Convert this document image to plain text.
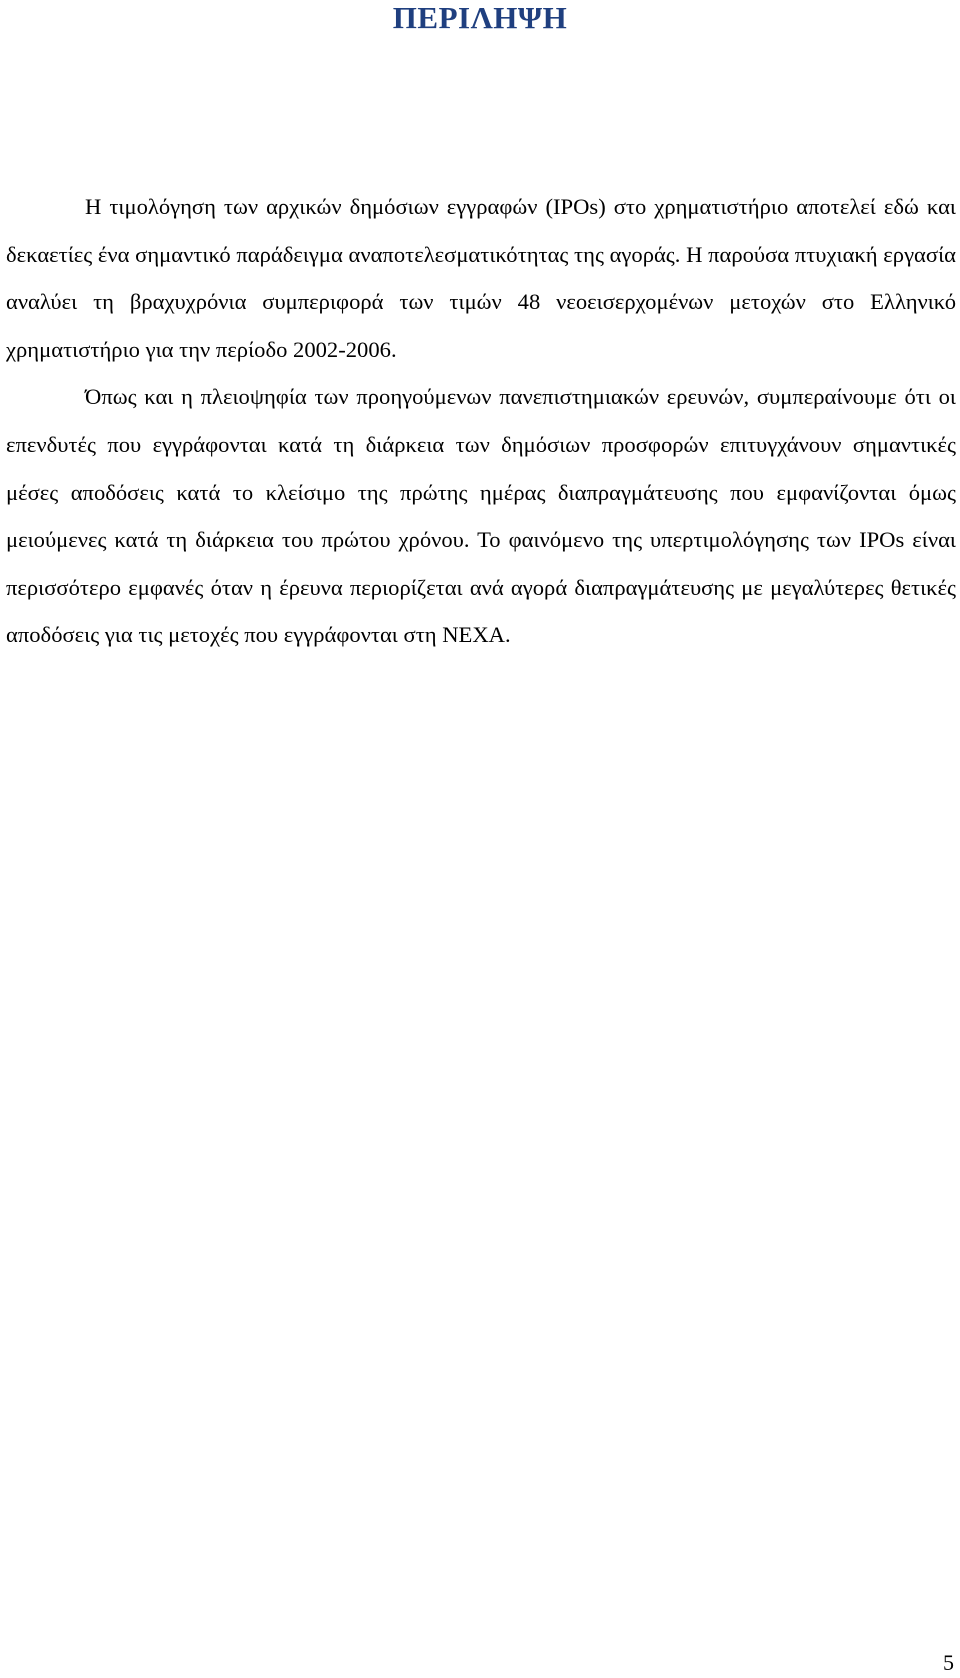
ΠΕΡΙΛΗΨΗ

Η τιμολόγηση των αρχικών δημόσιων εγγραφών (IPOs) στο χρηματιστήριο αποτελεί εδώ και δεκαετίες ένα σημαντικό παράδειγμα αναποτελεσματικότητας της αγοράς. Η παρούσα πτυχιακή εργασία αναλύει τη βραχυχρόνια συμπεριφορά των τιμών 48 νεοεισερχομένων μετοχών στο Ελληνικό χρηματιστήριο για την περίοδο 2002-2006.

Όπως και η πλειοψηφία των προηγούμενων πανεπιστημιακών ερευνών, συμπεραίνουμε ότι οι επενδυτές που εγγράφονται κατά τη διάρκεια των δημόσιων προσφορών επιτυγχάνουν σημαντικές μέσες αποδόσεις κατά το κλείσιμο της πρώτης ημέρας διαπραγμάτευσης που εμφανίζονται όμως μειούμενες κατά τη διάρκεια του πρώτου χρόνου. Το φαινόμενο της υπερτιμολόγησης των IPOs είναι περισσότερο εμφανές όταν η έρευνα περιορίζεται ανά αγορά διαπραγμάτευσης με μεγαλύτερες θετικές αποδόσεις για τις μετοχές που εγγράφονται στη ΝΕΧΑ.

5
